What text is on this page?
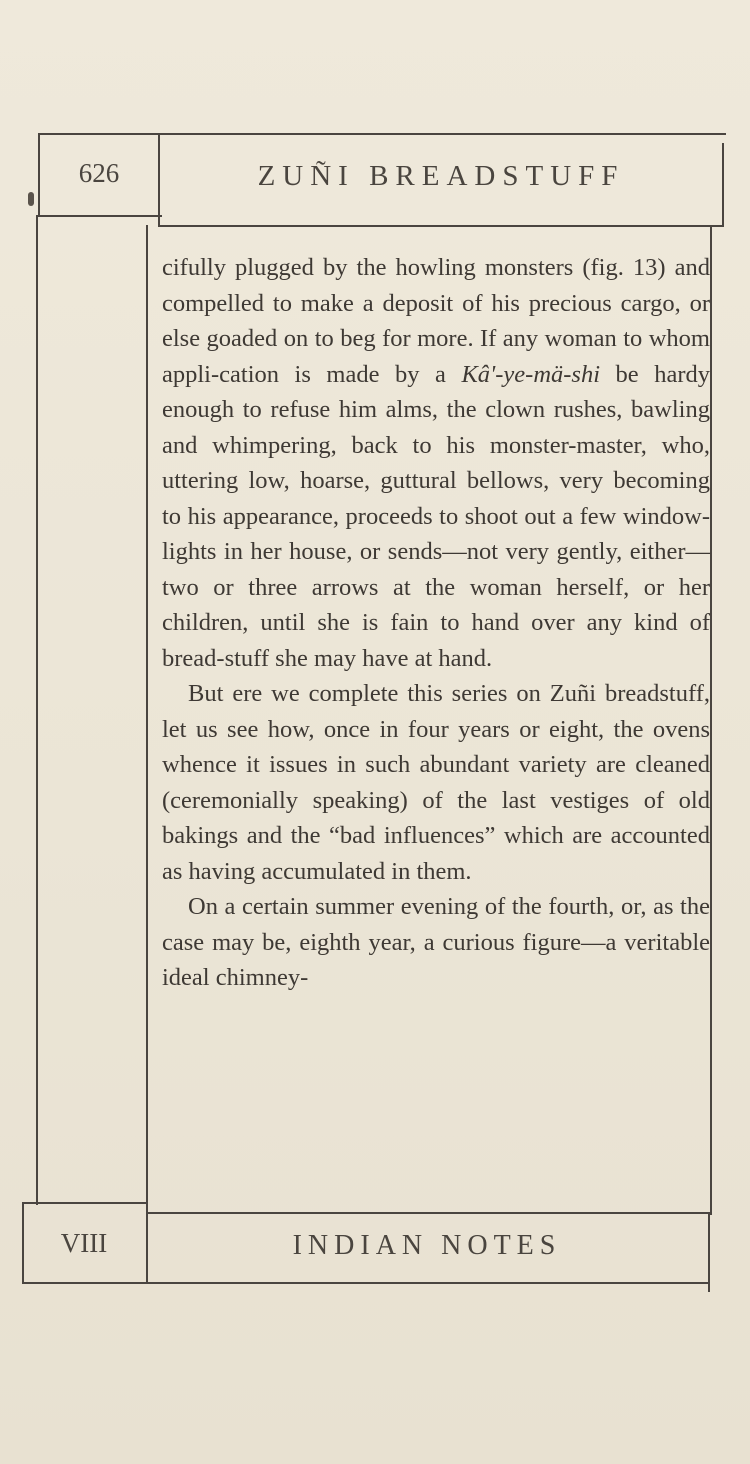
626	ZUÑI BREADSTUFF

cifully plugged by the howling monsters (fig. 13) and compelled to make a deposit of his precious cargo, or else goaded on to beg for more. If any woman to whom appli-cation is made by a Kâ'-ye-mä-shi be hardy enough to refuse him alms, the clown rushes, bawling and whimpering, back to his monster-master, who, uttering low, hoarse, guttural bellows, very becoming to his appearance, proceeds to shoot out a few window-lights in her house, or sends—not very gently, either—two or three arrows at the woman herself, or her children, until she is fain to hand over any kind of bread-stuff she may have at hand.

But ere we complete this series on Zuñi breadstuff, let us see how, once in four years or eight, the ovens whence it issues in such abundant variety are cleaned (ceremonially speaking) of the last vestiges of old bakings and the “bad influences” which are accounted as having accumulated in them.

On a certain summer evening of the fourth, or, as the case may be, eighth year, a curious figure—a veritable ideal chimney-

VIII	INDIAN NOTES
